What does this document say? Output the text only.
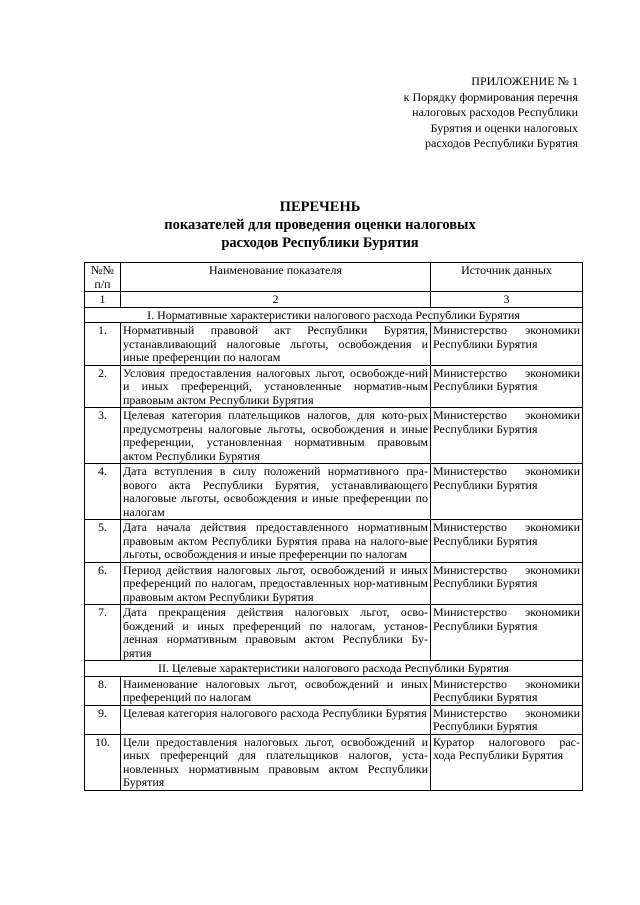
ПРИЛОЖЕНИЕ № 1
к Порядку формирования перечня
налоговых расходов Республики
Бурятия и оценки налоговых
расходов Республики Бурятия
ПЕРЕЧЕНЬ
показателей для проведения оценки налоговых
расходов Республики Бурятия
№№ п/п	Наименование показателя	Источник данных
1	2	3
I. Нормативные характеристики налогового расхода Республики Бурятия		
1.	Нормативный правовой акт Республики Бурятия, устанавливающий налоговые льготы, освобождения и иные преференции по налогам	Министерство экономики Республики Бурятия
2.	Условия предоставления налоговых льгот, освобожде-ний и иных преференций, установленные норматив-ным правовым актом Республики Бурятия	Министерство экономики Республики Бурятия
3.	Целевая категория плательщиков налогов, для кото-рых предусмотрены налоговые льготы, освобождения и иные преференции, установленная нормативным правовым актом Республики Бурятия	Министерство экономики Республики Бурятия
4.	Дата вступления в силу положений нормативного пра-вового акта Республики Бурятия, устанавливающего налоговые льготы, освобождения и иные преференции по налогам	Министерство экономики Республики Бурятия
5.	Дата начала действия предоставленного нормативным правовым актом Республики Бурятия права на налого-вые льготы, освобождения и иные преференции по налогам	Министерство экономики Республики Бурятия
6.	Период действия налоговых льгот, освобождений и иных преференций по налогам, предоставленных нор-мативным правовым актом Республики Бурятия	Министерство экономики Республики Бурятия
7.	Дата прекращения действия налоговых льгот, осво-бождений и иных преференций по налогам, установ-ленная нормативным правовым актом Республики Бу-рятия	Министерство экономики Республики Бурятия
II. Целевые характеристики налогового расхода Республики Бурятия		
8.	Наименование налоговых льгот, освобождений и иных преференций по налогам	Министерство экономики Республики Бурятия
9.	Целевая категория налогового расхода Республики Бурятия	Министерство экономики Республики Бурятия
10.	Цели предоставления налоговых льгот, освобождений и иных преференций для плательщиков налогов, уста-новленных нормативным правовым актом Республики Бурятия	Куратор налогового рас-хода Республики Бурятия
